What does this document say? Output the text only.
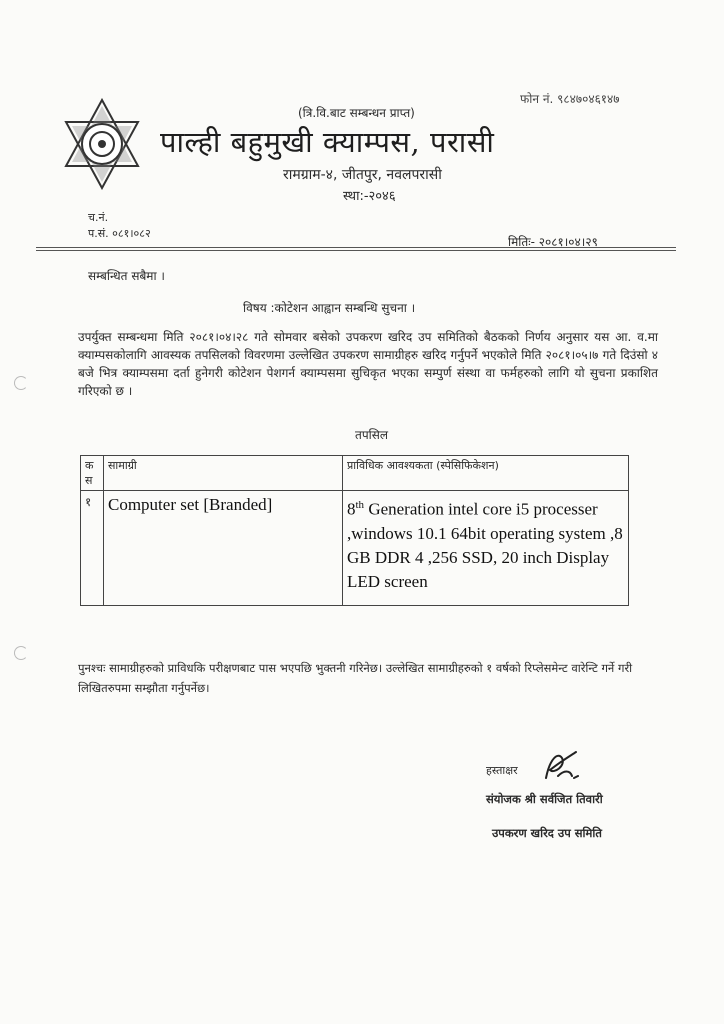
(त्रि.वि.बाट सम्बन्धन प्राप्त)
फोन नं. ९८४७०४६१४७
पाल्ही बहुमुखी क्याम्पस, परासी
रामग्राम-४, जीतपुर, नवलपरासी
स्था:-२०४६
च.नं.
प.सं. ०८१।०८२
मितिः- २०८१।०४।२९
सम्बन्धित सबैमा ।
विषय :कोटेशन आह्वान सम्बन्धि सुचना ।
उपर्युक्त सम्बन्धमा मिति २०८१।०४।२८ गते सोमवार बसेको उपकरण खरिद उप समितिको बैठकको निर्णय अनुसार यस आ. व.मा क्याम्पसकोलागि आवस्यक तपसिलको विवरणमा उल्लेखित उपकरण सामाग्रीहरु खरिद गर्नुपर्ने भएकोले मिति २०८१।०५।७ गते दिउंसो ४ बजे भित्र क्याम्पसमा दर्ता हुनेगरी कोटेशन पेशगर्न क्याम्पसमा सुचिकृत भएका सम्पुर्ण संस्था वा फर्महरुको लागि यो सुचना प्रकाशित गरिएको छ ।
तपसिल
क स	सामाग्री	प्राविधिक आवश्यकता (स्पेसिफिकेशन)
१	Computer set [Branded]	8th Generation intel core i5 processer ,windows 10.1 64bit operating system ,8 GB DDR 4 ,256 SSD, 20 inch Display LED screen
पुनश्चः सामाग्रीहरुको प्राविधकि परीक्षणबाट पास भएपछि भुक्तनी गरिनेछ। उल्लेखित सामाग्रीहरुको १ वर्षको रिप्लेसमेन्ट वारेन्टि गर्ने गरी लिखितरुपमा सम्झौता गर्नुपर्नेछ।
हस्ताक्षर
संयोजक श्री सर्वजित तिवारी
उपकरण खरिद उप समिति
